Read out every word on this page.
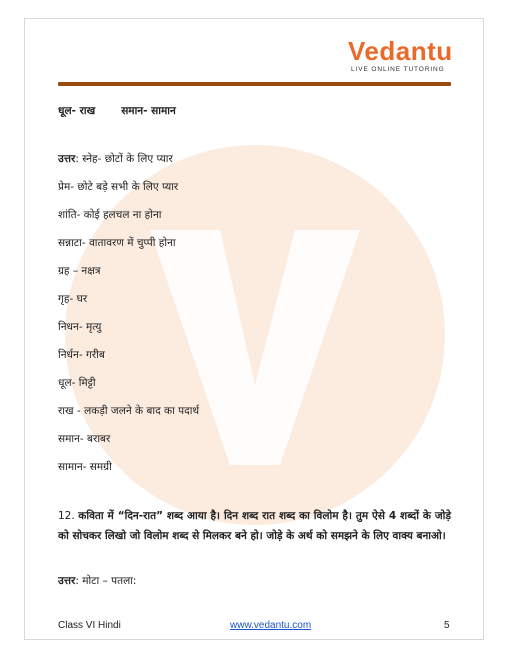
Vedantu
LIVE ONLINE TUTORING
धूल- राख समान- सामान
उत्तर: स्नेह- छोटों के लिए प्यार
प्रेम- छोटे बड़े सभी के लिए प्यार
शांति- कोई हलचल ना होना
सन्नाटा- वातावरण में चुप्पी होना
ग्रह – नक्षत्र
गृह- घर
निधन- मृत्यु
निर्धन- गरीब
धूल- मिट्टी
राख - लकड़ी जलने के बाद का पदार्थ
समान- बराबर
सामान- समग्री
12. कविता में “दिन-रात” शब्द आया है। दिन शब्द रात शब्द का विलोम है। तुम ऐसे 4 शब्दों के जोड़े को सोचकर लिखो जो विलोम शब्द से मिलकर बने हो। जोड़े के अर्थ को समझने के लिए वाक्य बनाओ।
उत्तर: मोटा – पतला:
Class VI Hindi	www.vedantu.com	5
